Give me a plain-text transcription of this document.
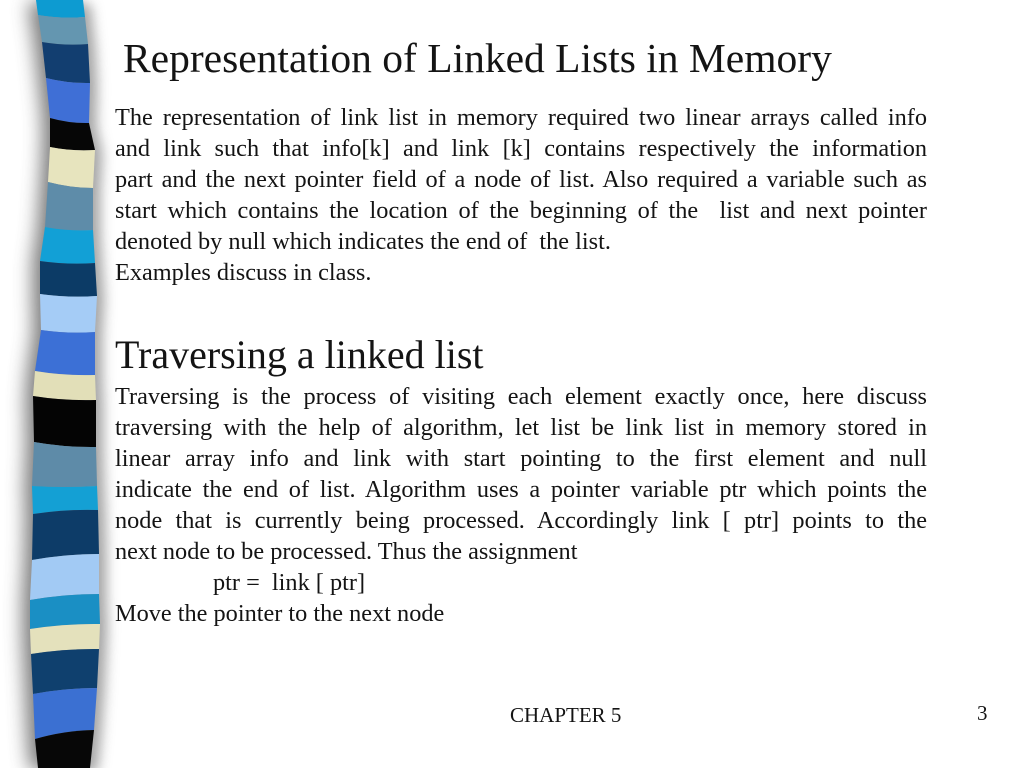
Representation of Linked Lists in Memory
The representation of link list in memory required two linear arrays called info
and link such that info[k] and link [k] contains respectively the information
part and the next pointer field of a node of list. Also required a variable such as
start which contains the location of the beginning of the  list and next pointer
denoted by null which indicates the end of  the list.
Examples discuss in class.
Traversing a linked list
Traversing is the process of visiting each element exactly once, here discuss
traversing with the help of algorithm, let list be link list in memory stored in
linear array info and link with start pointing to the first element and null
indicate the end of list. Algorithm uses a pointer variable ptr which points the
node that is currently being processed. Accordingly link [ ptr] points to the
next node to be processed. Thus the assignment
ptr =  link [ ptr]
Move the pointer to the next node
CHAPTER 5	3
